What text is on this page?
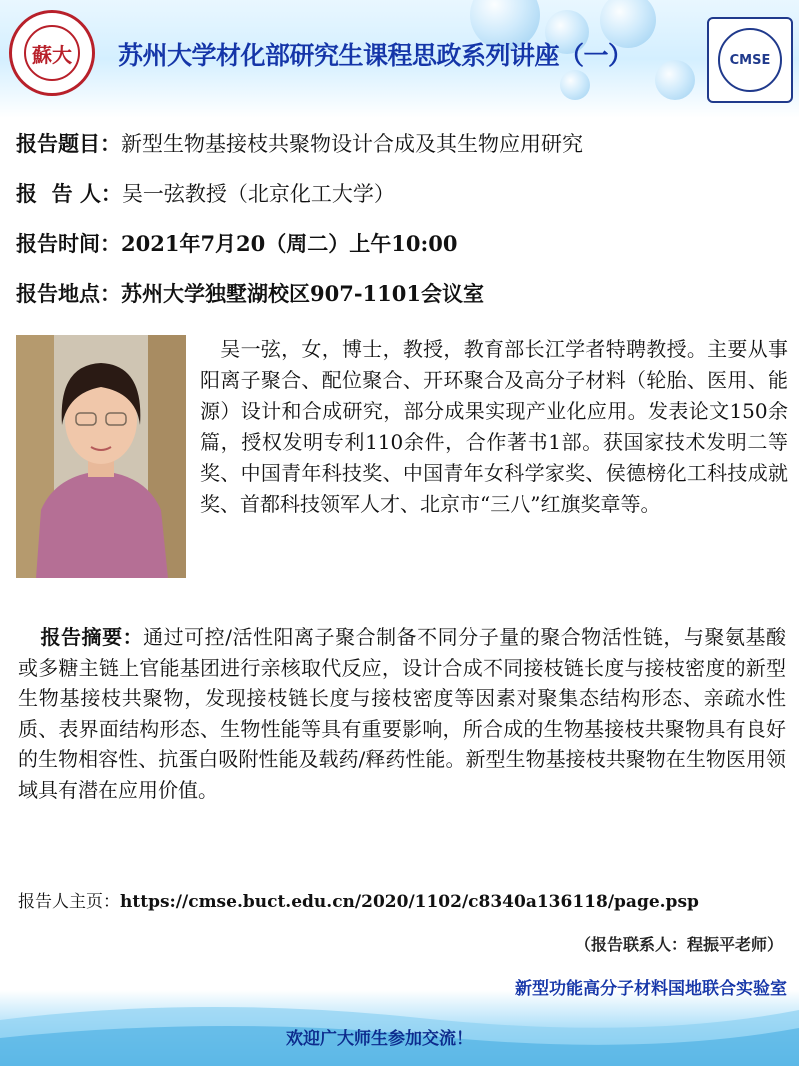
蘇大	苏州大学材化部研究生课程思政系列讲座（一）	CMSE
报告题目：新型生物基接枝共聚物设计合成及其生物应用研究
报  告 人：吴一弦教授（北京化工大学）
报告时间：2021年7月20（周二）上午10:00
报告地点：苏州大学独墅湖校区907-1101会议室
吴一弦，女，博士，教授，教育部长江学者特聘教授。主要从事阳离子聚合、配位聚合、开环聚合及高分子材料（轮胎、医用、能源）设计和合成研究，部分成果实现产业化应用。发表论文150余篇，授权发明专利110余件，合作著书1部。获国家技术发明二等奖、中国青年科技奖、中国青年女科学家奖、侯德榜化工科技成就奖、首都科技领军人才、北京市“三八”红旗奖章等。
报告摘要：通过可控/活性阳离子聚合制备不同分子量的聚合物活性链，与聚氨基酸或多糖主链上官能基团进行亲核取代反应，设计合成不同接枝链长度与接枝密度的新型生物基接枝共聚物，发现接枝链长度与接枝密度等因素对聚集态结构形态、亲疏水性质、表界面结构形态、生物性能等具有重要影响，所合成的生物基接枝共聚物具有良好的生物相容性、抗蛋白吸附性能及载药/释药性能。新型生物基接枝共聚物在生物医用领域具有潜在应用价值。
报告人主页：https://cmse.buct.edu.cn/2020/1102/c8340a136118/page.psp
（报告联系人：程振平老师）
新型功能高分子材料国地联合实验室
欢迎广大师生参加交流！
